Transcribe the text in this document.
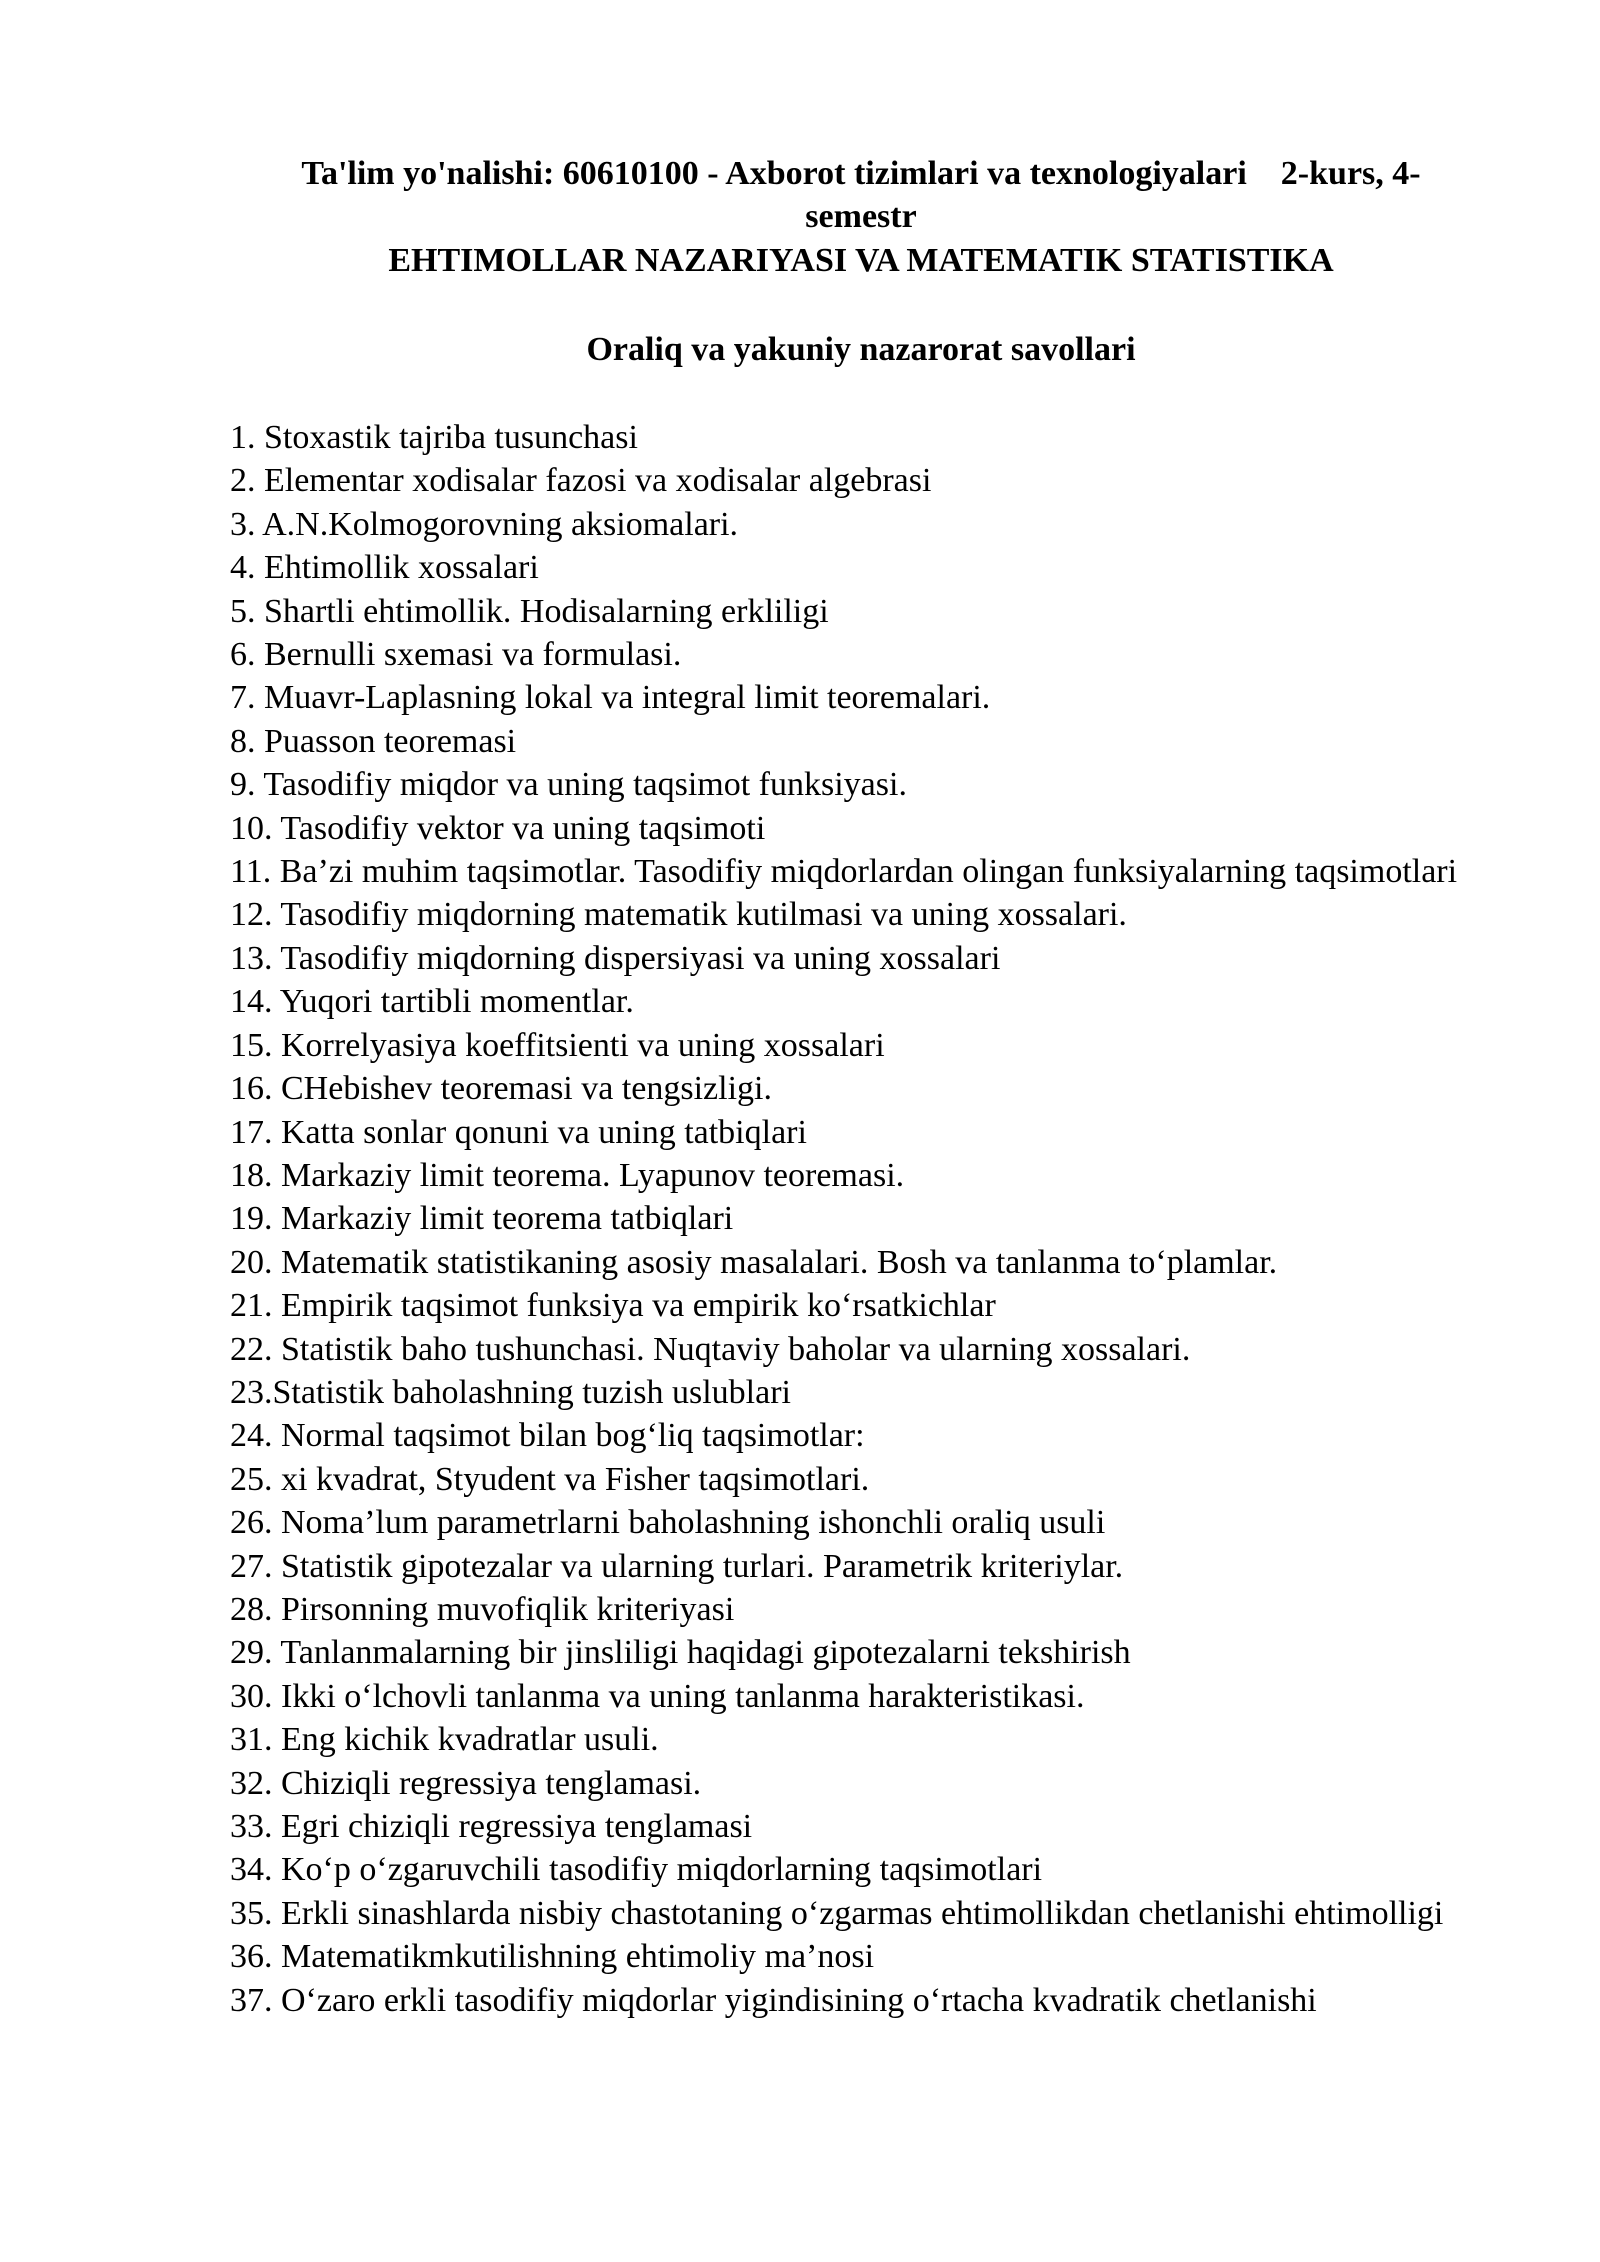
Ta'lim yo'nalishi: 60610100 - Axborot tizimlari va texnologiyalari 2-kurs, 4-
semestr
EHTIMOLLAR NAZARIYASI VA MATEMATIK STATISTIKA
Oraliq va yakuniy nazarorat savollari
1. Stoxastik tajriba tusunchasi
2. Elementar xodisalar fazosi va xodisalar algebrasi
3. A.N.Kolmogorovning aksiomalari.
4. Ehtimollik xossalari
5. Shartli ehtimollik. Hodisalarning erkliligi
6. Bernulli sxemasi va formulasi.
7. Muavr-Laplasning lokal va integral limit teoremalari.
8. Puasson teoremasi
9. Tasodifiy miqdor va uning taqsimot funksiyasi.
10. Tasodifiy vektor va uning taqsimoti
11. Ba’zi muhim taqsimotlar. Tasodifiy miqdorlardan olingan funksiyalarning taqsimotlari
12. Tasodifiy miqdorning matematik kutilmasi va uning xossalari.
13. Tasodifiy miqdorning dispersiyasi va uning xossalari
14. Yuqori tartibli momentlar.
15. Korrelyasiya koeffitsienti va uning xossalari
16. CHebishev teoremasi va tengsizligi.
17. Katta sonlar qonuni va uning tatbiqlari
18. Markaziy limit teorema. Lyapunov teoremasi.
19. Markaziy limit teorema tatbiqlari
20. Matematik statistikaning asosiy masalalari. Bosh va tanlanma to‘plamlar.
21. Empirik taqsimot funksiya va empirik ko‘rsatkichlar
22. Statistik baho tushunchasi. Nuqtaviy baholar va ularning xossalari.
23.Statistik baholashning tuzish uslublari
24. Normal taqsimot bilan bog‘liq taqsimotlar:
25. xi kvadrat, Styudent va Fisher taqsimotlari.
26. Noma’lum parametrlarni baholashning ishonchli oraliq usuli
27. Statistik gipotezalar va ularning turlari. Parametrik kriteriylar.
28. Pirsonning muvofiqlik kriteriyasi
29. Tanlanmalarning bir jinsliligi haqidagi gipotezalarni tekshirish
30. Ikki o‘lchovli tanlanma va uning tanlanma harakteristikasi.
31. Eng kichik kvadratlar usuli.
32. Chiziqli regressiya tenglamasi.
33. Egri chiziqli regressiya tenglamasi
34. Ko‘p o‘zgaruvchili tasodifiy miqdorlarning taqsimotlari
35. Erkli sinashlarda nisbiy chastotaning o‘zgarmas ehtimollikdan chetlanishi ehtimolligi
36. Matematikmkutilishning ehtimoliy ma’nosi
37. O‘zaro erkli tasodifiy miqdorlar yigindisining o‘rtacha kvadratik chetlanishi
